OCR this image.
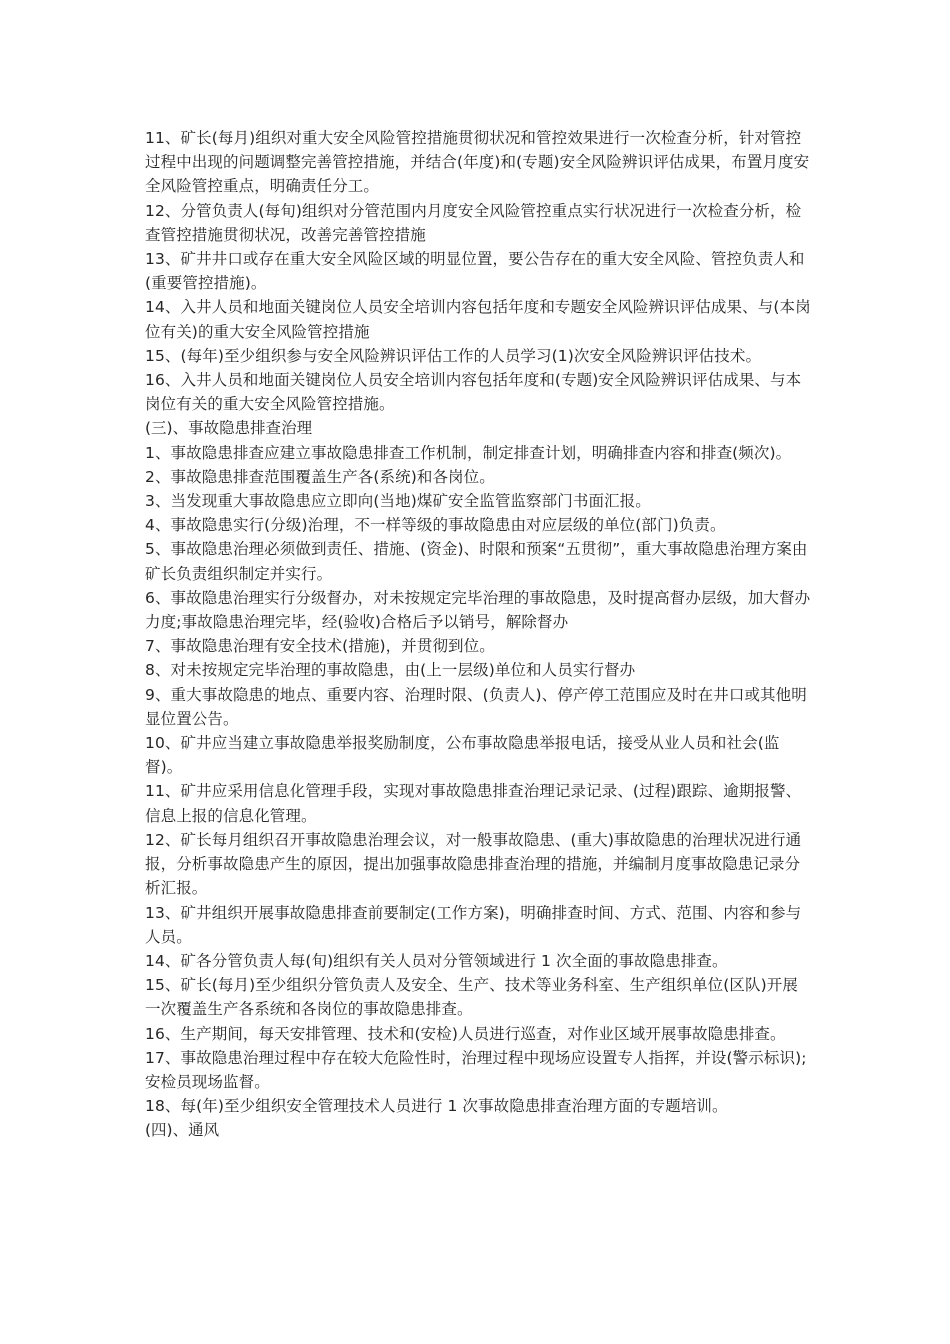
11、矿长(每月)组织对重大安全风险管控措施贯彻状况和管控效果进行一次检查分析，针对管控过程中出现的问题调整完善管控措施，并结合(年度)和(专题)安全风险辨识评估成果，布置月度安全风险管控重点，明确责任分工。

12、分管负责人(每旬)组织对分管范围内月度安全风险管控重点实行状况进行一次检查分析，检查管控措施贯彻状况，改善完善管控措施

13、矿井井口或存在重大安全风险区域的明显位置，要公告存在的重大安全风险、管控负责人和(重要管控措施)。

14、入井人员和地面关键岗位人员安全培训内容包括年度和专题安全风险辨识评估成果、与(本岗位有关)的重大安全风险管控措施

15、(每年)至少组织参与安全风险辨识评估工作的人员学习(1)次安全风险辨识评估技术。

16、入井人员和地面关键岗位人员安全培训内容包括年度和(专题)安全风险辨识评估成果、与本岗位有关的重大安全风险管控措施。

(三)、事故隐患排查治理

1、事故隐患排查应建立事故隐患排查工作机制，制定排查计划，明确排查内容和排查(频次)。

2、事故隐患排查范围覆盖生产各(系统)和各岗位。

3、当发现重大事故隐患应立即向(当地)煤矿安全监管监察部门书面汇报。

4、事故隐患实行(分级)治理，不一样等级的事故隐患由对应层级的单位(部门)负责。

5、事故隐患治理必须做到责任、措施、(资金)、时限和预案“五贯彻”，重大事故隐患治理方案由矿长负责组织制定并实行。

6、事故隐患治理实行分级督办，对未按规定完毕治理的事故隐患，及时提高督办层级，加大督办力度;事故隐患治理完毕，经(验收)合格后予以销号，解除督办

7、事故隐患治理有安全技术(措施)，并贯彻到位。

8、对未按规定完毕治理的事故隐患，由(上一层级)单位和人员实行督办

9、重大事故隐患的地点、重要内容、治理时限、(负责人)、停产停工范围应及时在井口或其他明显位置公告。

10、矿井应当建立事故隐患举报奖励制度，公布事故隐患举报电话，接受从业人员和社会(监督)。

11、矿井应采用信息化管理手段，实现对事故隐患排查治理记录记录、(过程)跟踪、逾期报警、信息上报的信息化管理。

12、矿长每月组织召开事故隐患治理会议，对一般事故隐患、(重大)事故隐患的治理状况进行通报，分析事故隐患产生的原因，提出加强事故隐患排查治理的措施，并编制月度事故隐患记录分析汇报。

13、矿井组织开展事故隐患排查前要制定(工作方案)，明确排查时间、方式、范围、内容和参与人员。

14、矿各分管负责人每(旬)组织有关人员对分管领域进行 1 次全面的事故隐患排查。

15、矿长(每月)至少组织分管负责人及安全、生产、技术等业务科室、生产组织单位(区队)开展一次覆盖生产各系统和各岗位的事故隐患排查。

16、生产期间，每天安排管理、技术和(安检)人员进行巡查，对作业区域开展事故隐患排查。

17、事故隐患治理过程中存在较大危险性时，治理过程中现场应设置专人指挥，并设(警示标识);安检员现场监督。

18、每(年)至少组织安全管理技术人员进行 1 次事故隐患排查治理方面的专题培训。

(四)、通风
